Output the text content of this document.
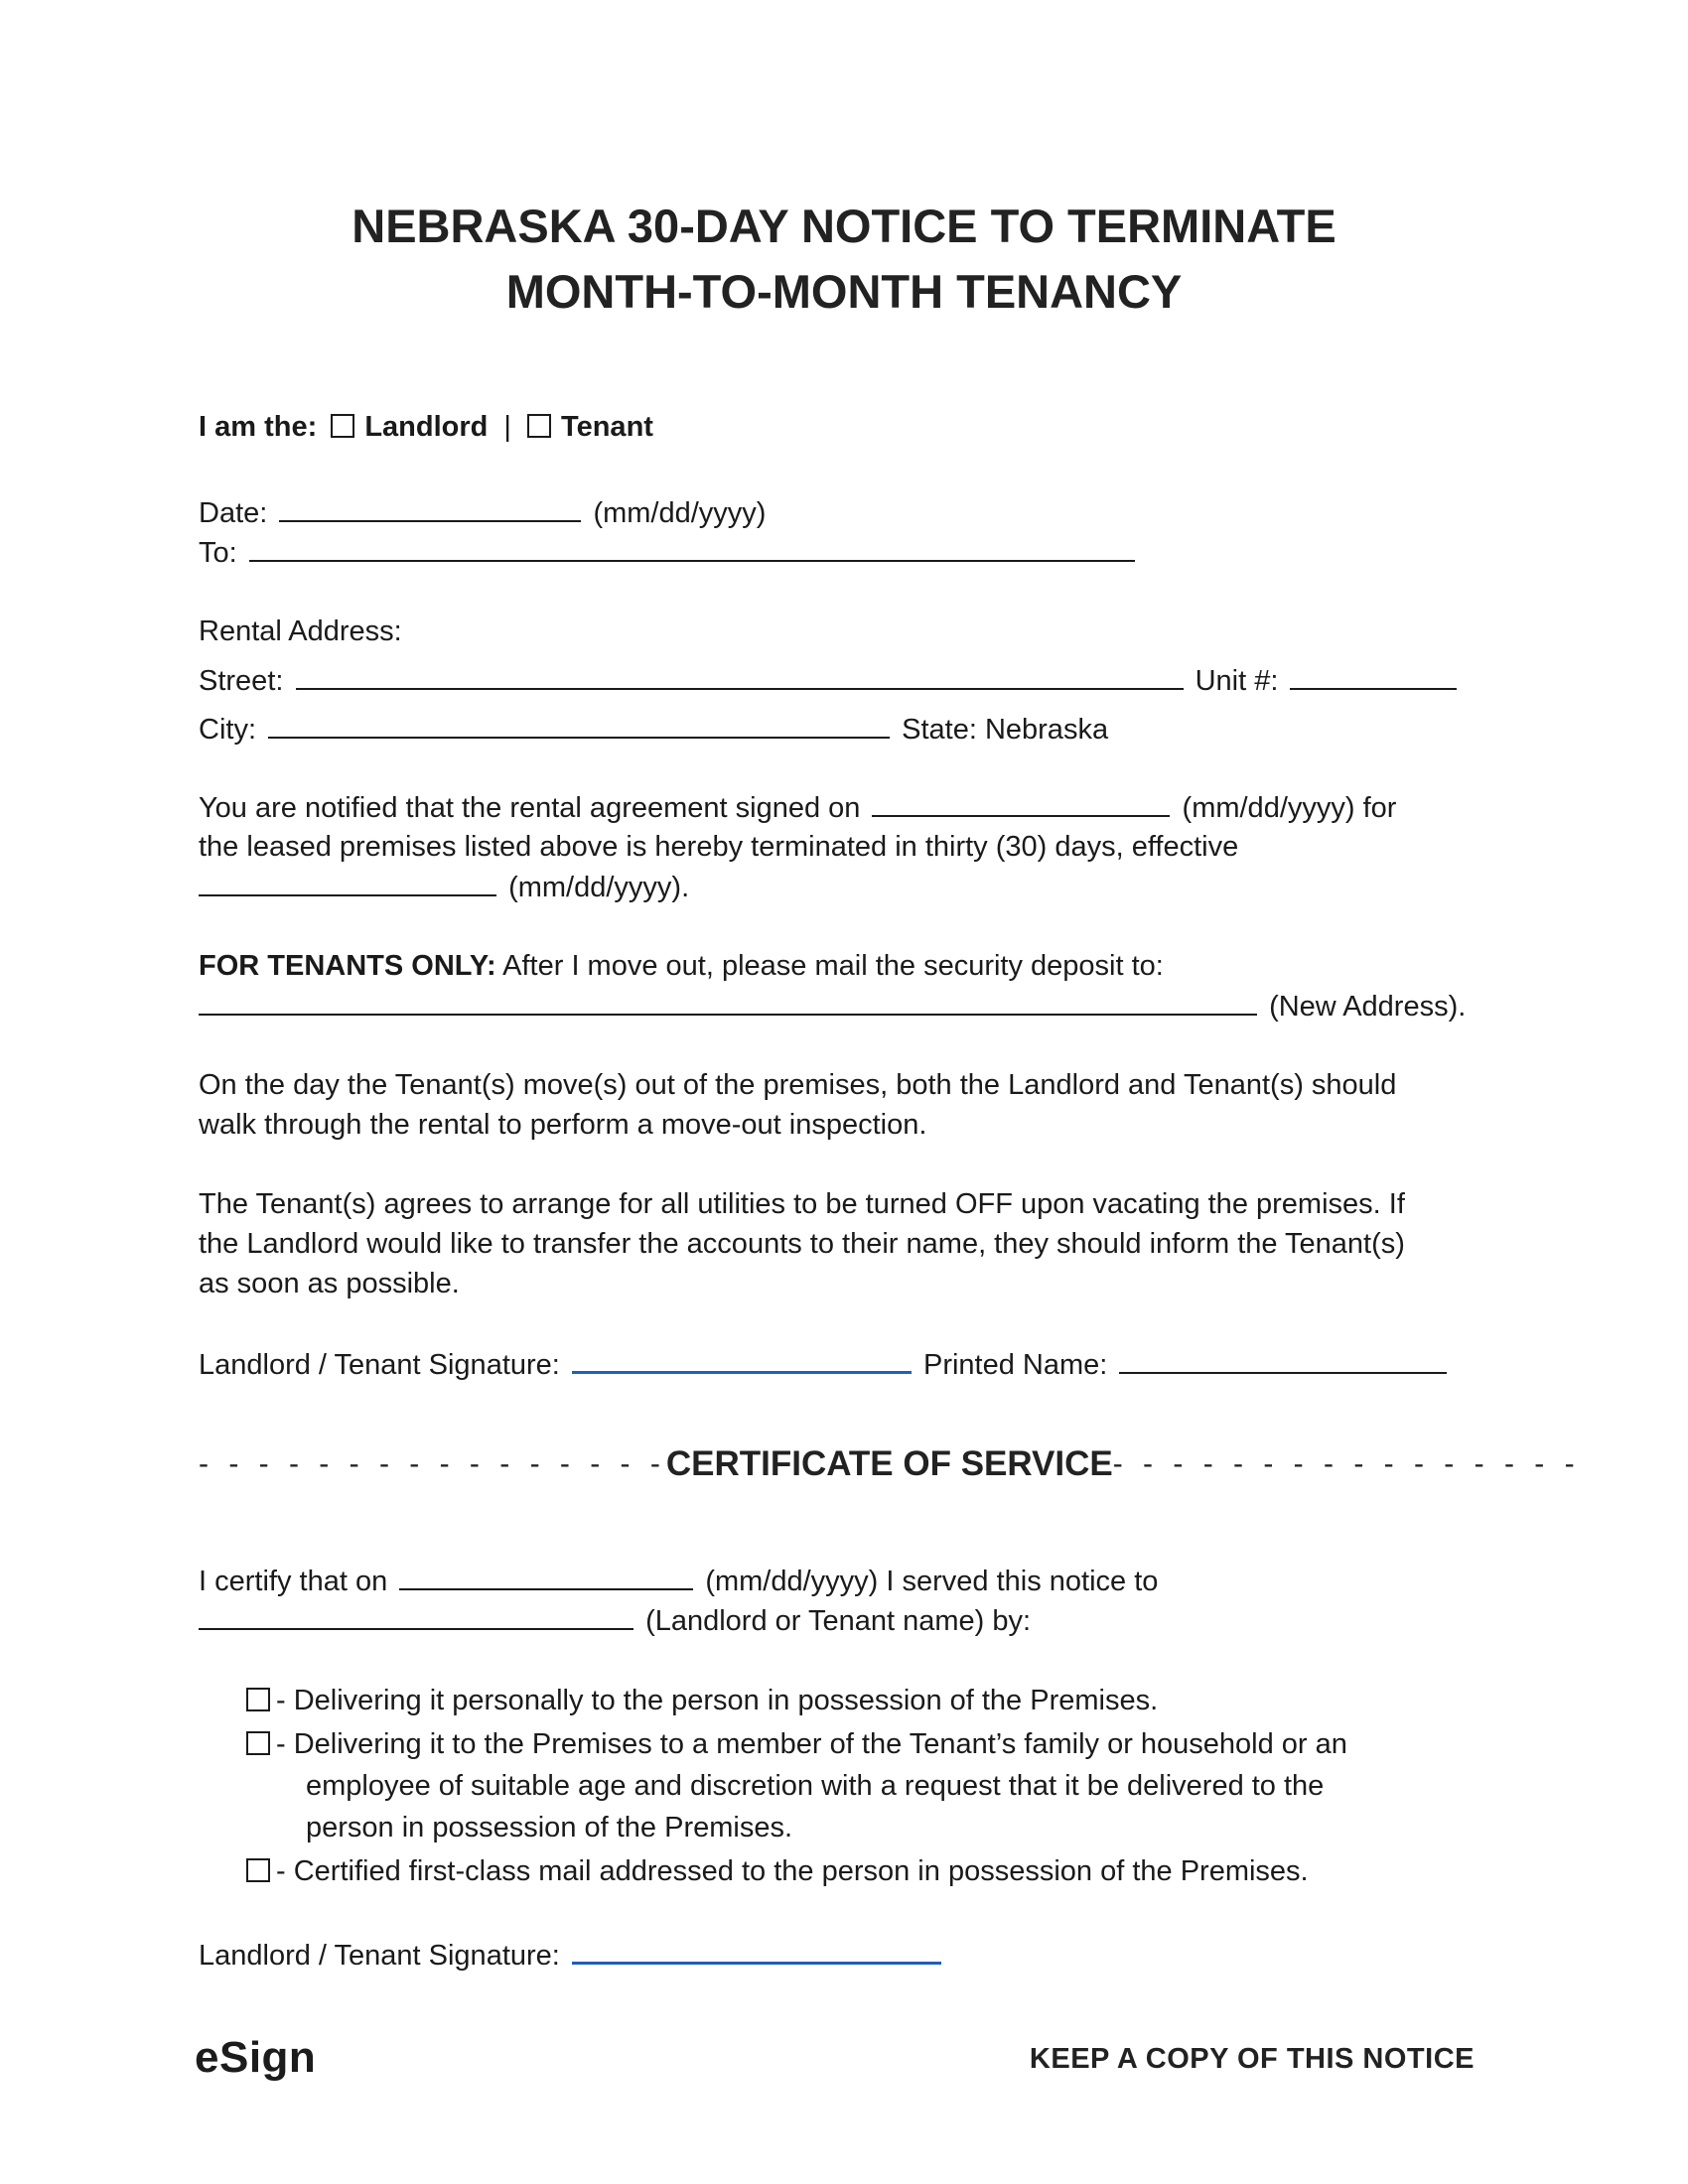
NEBRASKA 30-DAY NOTICE TO TERMINATE
MONTH-TO-MONTH TENANCY
I am the: Landlord | Tenant
Date:	(mm/dd/yyyy)
To:
Rental Address:
Street:	Unit #:
City:	State: Nebraska
You are notified that the rental agreement signed on	(mm/dd/yyyy) for
the leased premises listed above is hereby terminated in thirty (30) days, effective
(mm/dd/yyyy).
FOR TENANTS ONLY: After I move out, please mail the security deposit to:
(New Address).
On the day the Tenant(s) move(s) out of the premises, both the Landlord and Tenant(s) should
walk through the rental to perform a move-out inspection.
The Tenant(s) agrees to arrange for all utilities to be turned OFF upon vacating the premises. If
the Landlord would like to transfer the accounts to their name, they should inform the Tenant(s)
as soon as possible.
Landlord / Tenant Signature:	Printed Name:
- - - - - - - - - - - - - - - - CERTIFICATE OF SERVICE - - - - - - - - - - - - - - - -
I certify that on	(mm/dd/yyyy) I served this notice to
(Landlord or Tenant name) by:
- Delivering it personally to the person in possession of the Premises.
- Delivering it to the Premises to a member of the Tenant’s family or household or an
employee of suitable age and discretion with a request that it be delivered to the
person in possession of the Premises.
- Certified first-class mail addressed to the person in possession of the Premises.
Landlord / Tenant Signature:
eSign	KEEP A COPY OF THIS NOTICE
